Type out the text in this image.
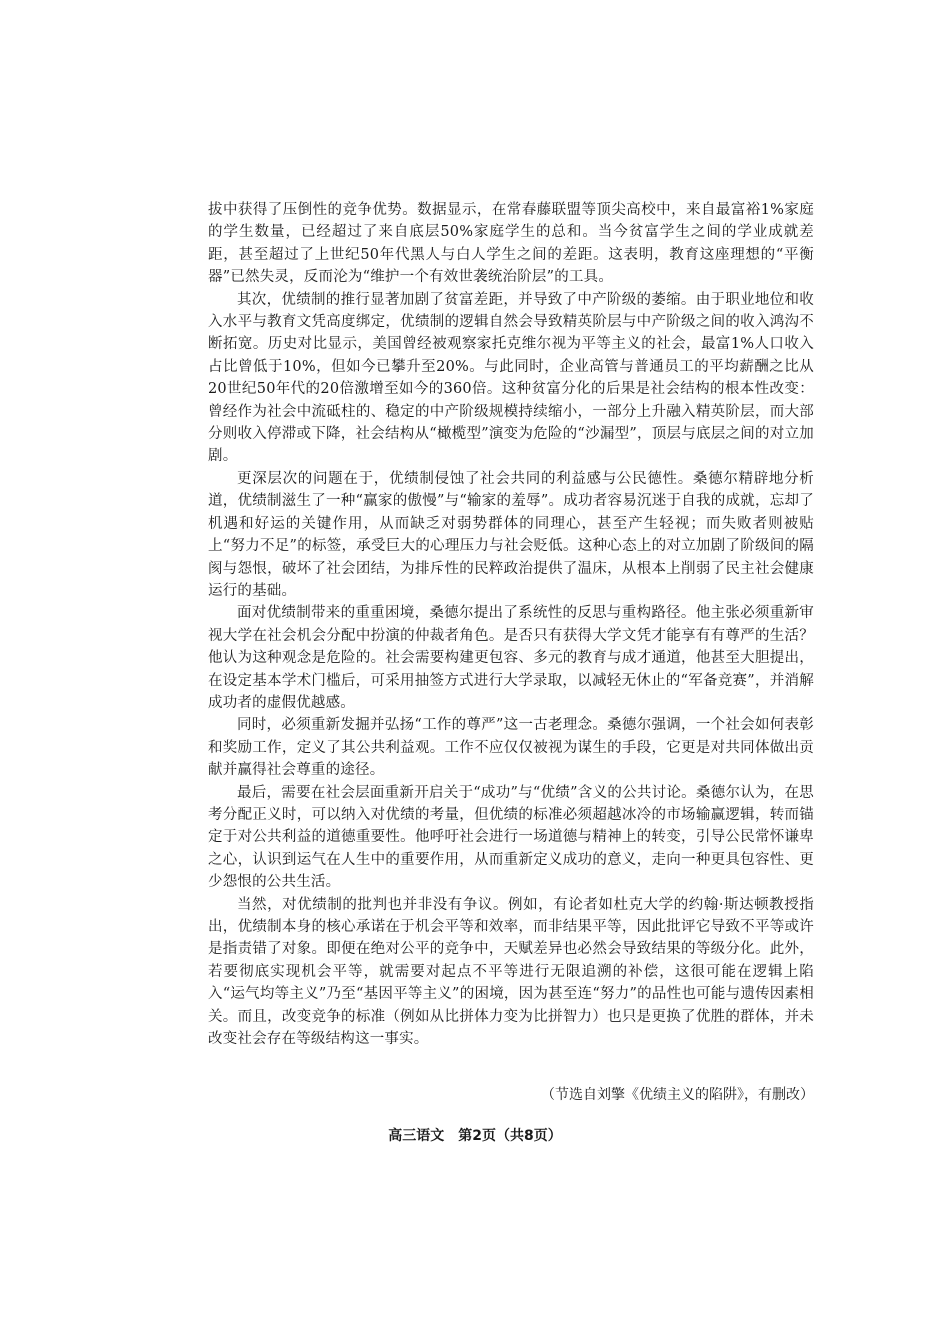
拔中获得了压倒性的竞争优势。数据显示，在常春藤联盟等顶尖高校中，来自最富裕1%家庭的学生数量，已经超过了来自底层50%家庭学生的总和。当今贫富学生之间的学业成就差距，甚至超过了上世纪50年代黑人与白人学生之间的差距。这表明，教育这座理想的“平衡器”已然失灵，反而沦为“维护一个有效世袭统治阶层”的工具。

其次，优绩制的推行显著加剧了贫富差距，并导致了中产阶级的萎缩。由于职业地位和收入水平与教育文凭高度绑定，优绩制的逻辑自然会导致精英阶层与中产阶级之间的收入鸿沟不断拓宽。历史对比显示，美国曾经被观察家托克维尔视为平等主义的社会，最富1%人口收入占比曾低于10%，但如今已攀升至20%。与此同时，企业高管与普通员工的平均薪酬之比从20世纪50年代的20倍激增至如今的360倍。这种贫富分化的后果是社会结构的根本性改变：曾经作为社会中流砥柱的、稳定的中产阶级规模持续缩小，一部分上升融入精英阶层，而大部分则收入停滞或下降，社会结构从“橄榄型”演变为危险的“沙漏型”，顶层与底层之间的对立加剧。

更深层次的问题在于，优绩制侵蚀了社会共同的利益感与公民德性。桑德尔精辟地分析道，优绩制滋生了一种“赢家的傲慢”与“输家的羞辱”。成功者容易沉迷于自我的成就，忘却了机遇和好运的关键作用，从而缺乏对弱势群体的同理心，甚至产生轻视；而失败者则被贴上“努力不足”的标签，承受巨大的心理压力与社会贬低。这种心态上的对立加剧了阶级间的隔阂与怨恨，破坏了社会团结，为排斥性的民粹政治提供了温床，从根本上削弱了民主社会健康运行的基础。

面对优绩制带来的重重困境，桑德尔提出了系统性的反思与重构路径。他主张必须重新审视大学在社会机会分配中扮演的仲裁者角色。是否只有获得大学文凭才能享有有尊严的生活？他认为这种观念是危险的。社会需要构建更包容、多元的教育与成才通道，他甚至大胆提出，在设定基本学术门槛后，可采用抽签方式进行大学录取，以减轻无休止的“军备竞赛”，并消解成功者的虚假优越感。

同时，必须重新发掘并弘扬“工作的尊严”这一古老理念。桑德尔强调，一个社会如何表彰和奖励工作，定义了其公共利益观。工作不应仅仅被视为谋生的手段，它更是对共同体做出贡献并赢得社会尊重的途径。

最后，需要在社会层面重新开启关于“成功”与“优绩”含义的公共讨论。桑德尔认为，在思考分配正义时，可以纳入对优绩的考量，但优绩的标准必须超越冰冷的市场输赢逻辑，转而锚定于对公共利益的道德重要性。他呼吁社会进行一场道德与精神上的转变，引导公民常怀谦卑之心，认识到运气在人生中的重要作用，从而重新定义成功的意义，走向一种更具包容性、更少怨恨的公共生活。

当然，对优绩制的批判也并非没有争议。例如，有论者如杜克大学的约翰·斯达顿教授指出，优绩制本身的核心承诺在于机会平等和效率，而非结果平等，因此批评它导致不平等或许是指责错了对象。即便在绝对公平的竞争中，天赋差异也必然会导致结果的等级分化。此外，若要彻底实现机会平等，就需要对起点不平等进行无限追溯的补偿，这很可能在逻辑上陷入“运气均等主义”乃至“基因平等主义”的困境，因为甚至连“努力”的品性也可能与遗传因素相关。而且，改变竞争的标准（例如从比拼体力变为比拼智力）也只是更换了优胜的群体，并未改变社会存在等级结构这一事实。

（节选自刘擎《优绩主义的陷阱》，有删改）
高三语文　第2页（共8页）
